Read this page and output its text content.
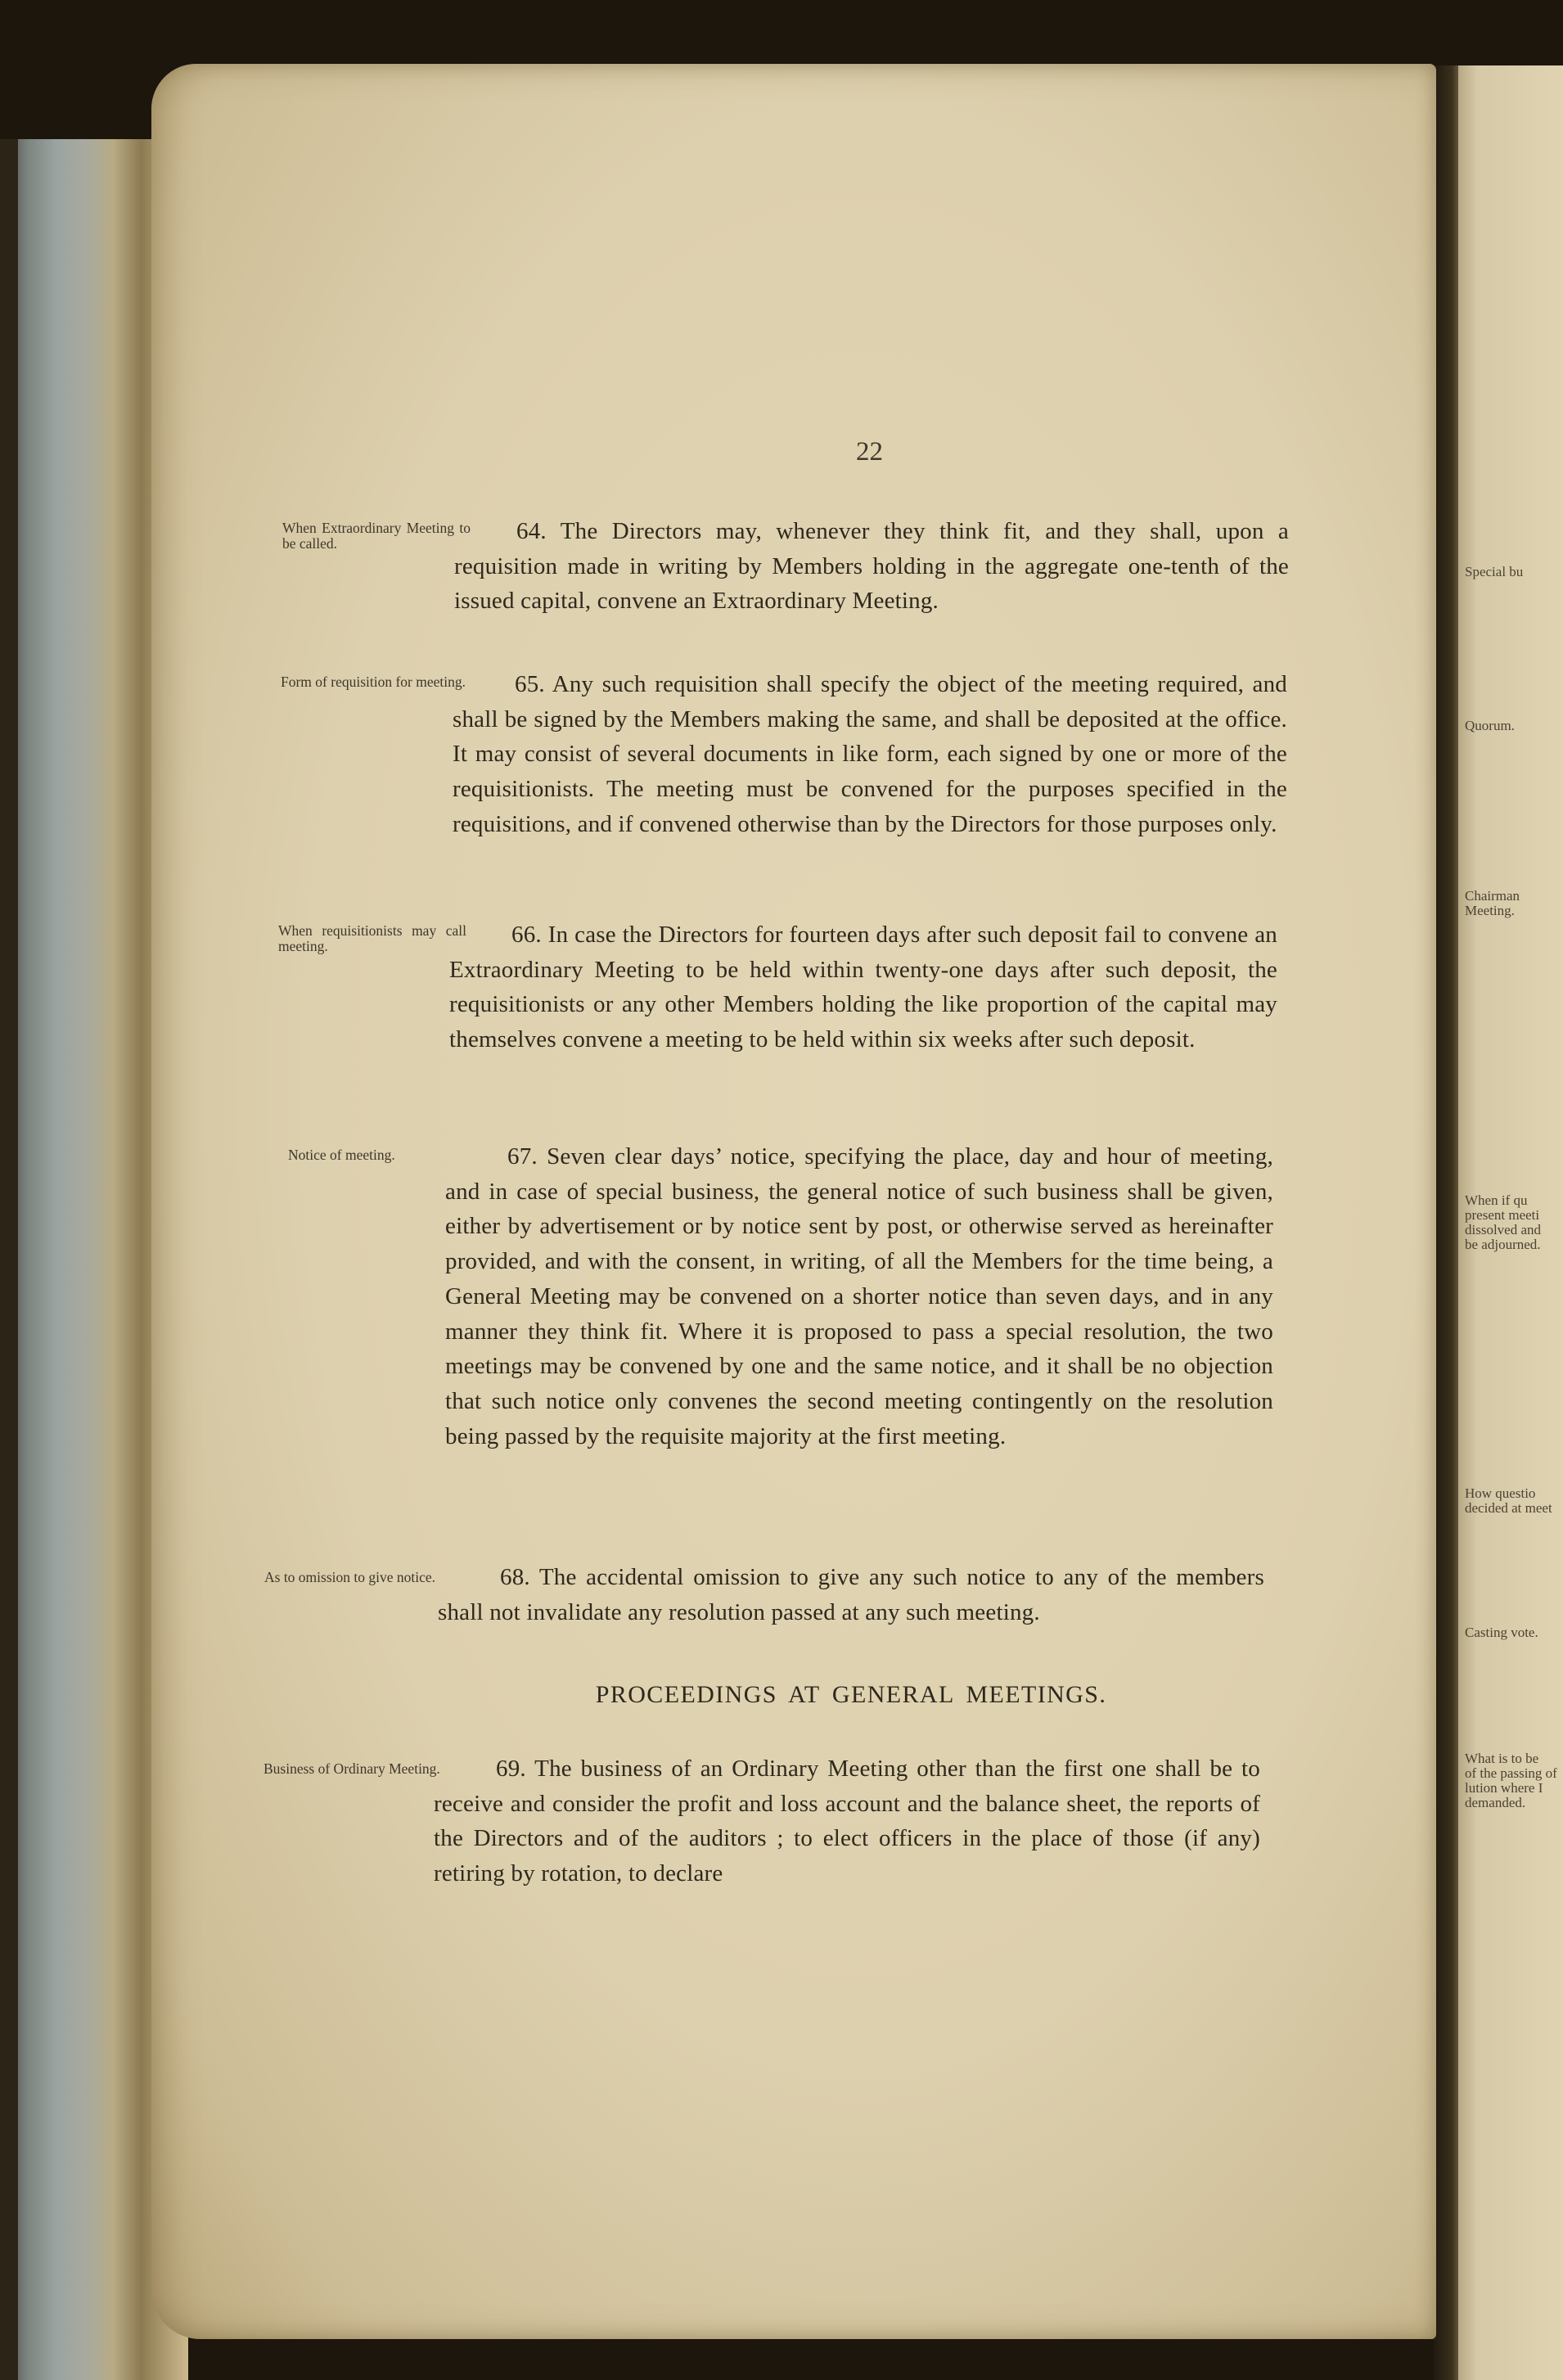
Special bu
Quorum.
Chairman
Meeting.
When if qu
present meeti
dissolved and
be adjourned.
How questio
decided at meet
Casting vote.
What is to be
of the passing of
lution where I
demanded.
22
When Extraordinary Meeting to be called.	64. The Directors may, whenever they think fit, and they shall, upon a requisition made in writing by Members holding in the aggregate one-tenth of the issued capital, convene an Extraordinary Meeting.
Form of requisition for meeting.	65. Any such requisition shall specify the object of the meeting required, and shall be signed by the Members making the same, and shall be deposited at the office. It may consist of several documents in like form, each signed by one or more of the requisitionists. The meeting must be convened for the purposes specified in the requisitions, and if convened otherwise than by the Directors for those purposes only.
When requisitionists may call meeting.	66. In case the Directors for fourteen days after such deposit fail to convene an Extraordinary Meeting to be held within twenty-one days after such deposit, the requisitionists or any other Members holding the like proportion of the capital may themselves convene a meeting to be held within six weeks after such deposit.
Notice of meeting.	67. Seven clear days’ notice, specifying the place, day and hour of meeting, and in case of special business, the general notice of such business shall be given, either by advertisement or by notice sent by post, or otherwise served as hereinafter provided, and with the consent, in writing, of all the Members for the time being, a General Meeting may be convened on a shorter notice than seven days, and in any manner they think fit. Where it is proposed to pass a special resolution, the two meetings may be convened by one and the same notice, and it shall be no objection that such notice only convenes the second meeting contingently on the resolution being passed by the requisite majority at the first meeting.
As to omission to give notice.	68. The accidental omission to give any such notice to any of the members shall not invalidate any resolution passed at any such meeting.
PROCEEDINGS AT GENERAL MEETINGS.
Business of Ordinary Meeting.	69. The business of an Ordinary Meeting other than the first one shall be to receive and consider the profit and loss account and the balance sheet, the reports of the Directors and of the auditors ; to elect officers in the place of those (if any) retiring by rotation, to declare
